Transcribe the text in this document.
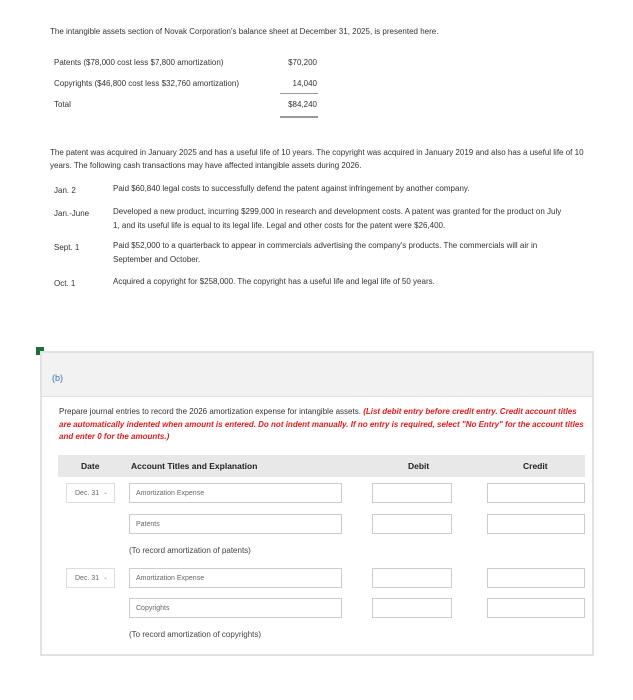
The intangible assets section of Novak Corporation's balance sheet at December 31, 2025, is presented here.
Patents ($78,000 cost less $7,800 amortization)	$70,200
Copyrights ($46,800 cost less $32,760 amortization)	14,040
Total	$84,240
The patent was acquired in January 2025 and has a useful life of 10 years. The copyright was acquired in January 2019 and also has a useful life of 10 years. The following cash transactions may have affected intangible assets during 2026.
Jan. 2	Paid $60,840 legal costs to successfully defend the patent against infringement by another company.
Jan.-June	Developed a new product, incurring $299,000 in research and development costs. A patent was granted for the product on July 1, and its useful life is equal to its legal life. Legal and other costs for the patent were $26,400.
Sept. 1	Paid $52,000 to a quarterback to appear in commercials advertising the company's products. The commercials will air in September and October.
Oct. 1	Acquired a copyright for $258,000. The copyright has a useful life and legal life of 50 years.
(b)
Prepare journal entries to record the 2026 amortization expense for intangible assets. (List debit entry before credit entry. Credit account titles are automatically indented when amount is entered. Do not indent manually. If no entry is required, select "No Entry" for the account titles and enter 0 for the amounts.)
Date	Account Titles and Explanation	Debit	Credit
Dec. 31 ⌄	Amortization Expense
Patents
(To record amortization of patents)
Dec. 31 ⌄	Amortization Expense
Copyrights
(To record amortization of copyrights)
